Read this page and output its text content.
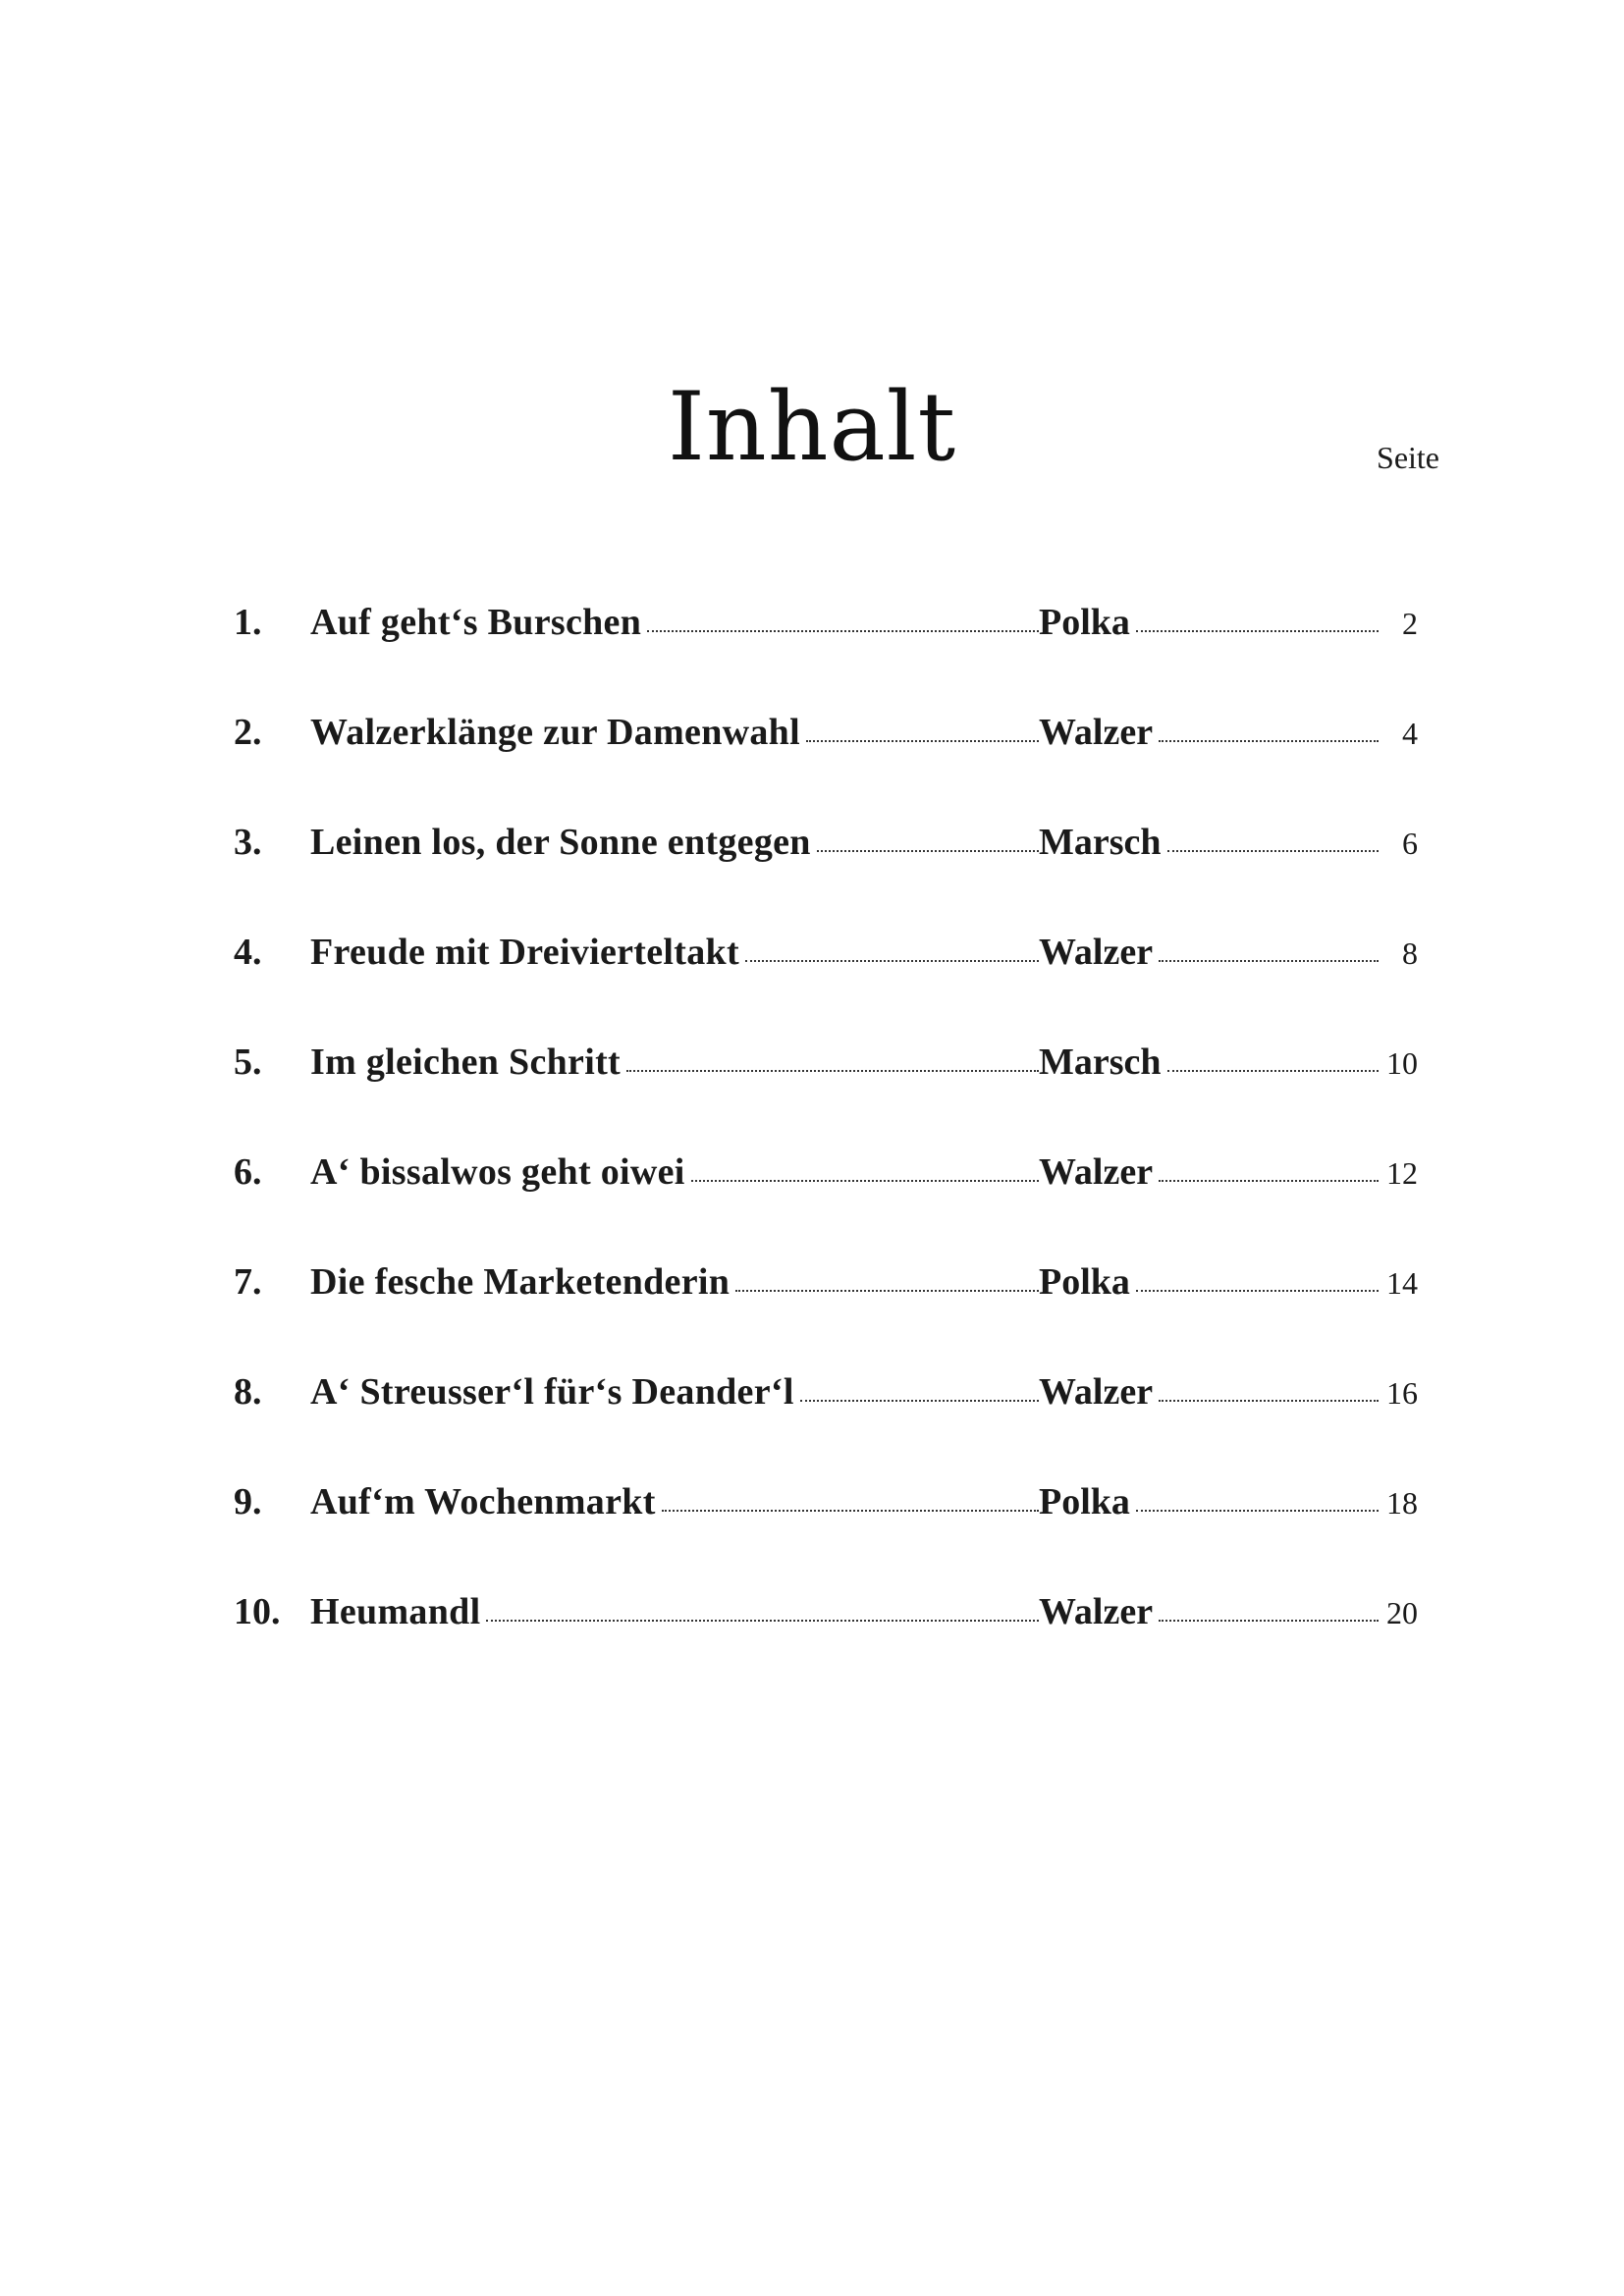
Inhalt	Seite
1.	Auf geht‘s Burschen	Polka	2
2.	Walzerklänge zur Damenwahl	Walzer	4
3.	Leinen los, der Sonne entgegen	Marsch	6
4.	Freude mit Dreivierteltakt	Walzer	8
5.	Im gleichen Schritt	Marsch	10
6.	A‘ bissalwos geht oiwei	Walzer	12
7.	Die fesche Marketenderin	Polka	14
8.	A‘ Streusser‘l für‘s Deander‘l	Walzer	16
9.	Auf‘m Wochenmarkt	Polka	18
10. Heumandl	Walzer	20
